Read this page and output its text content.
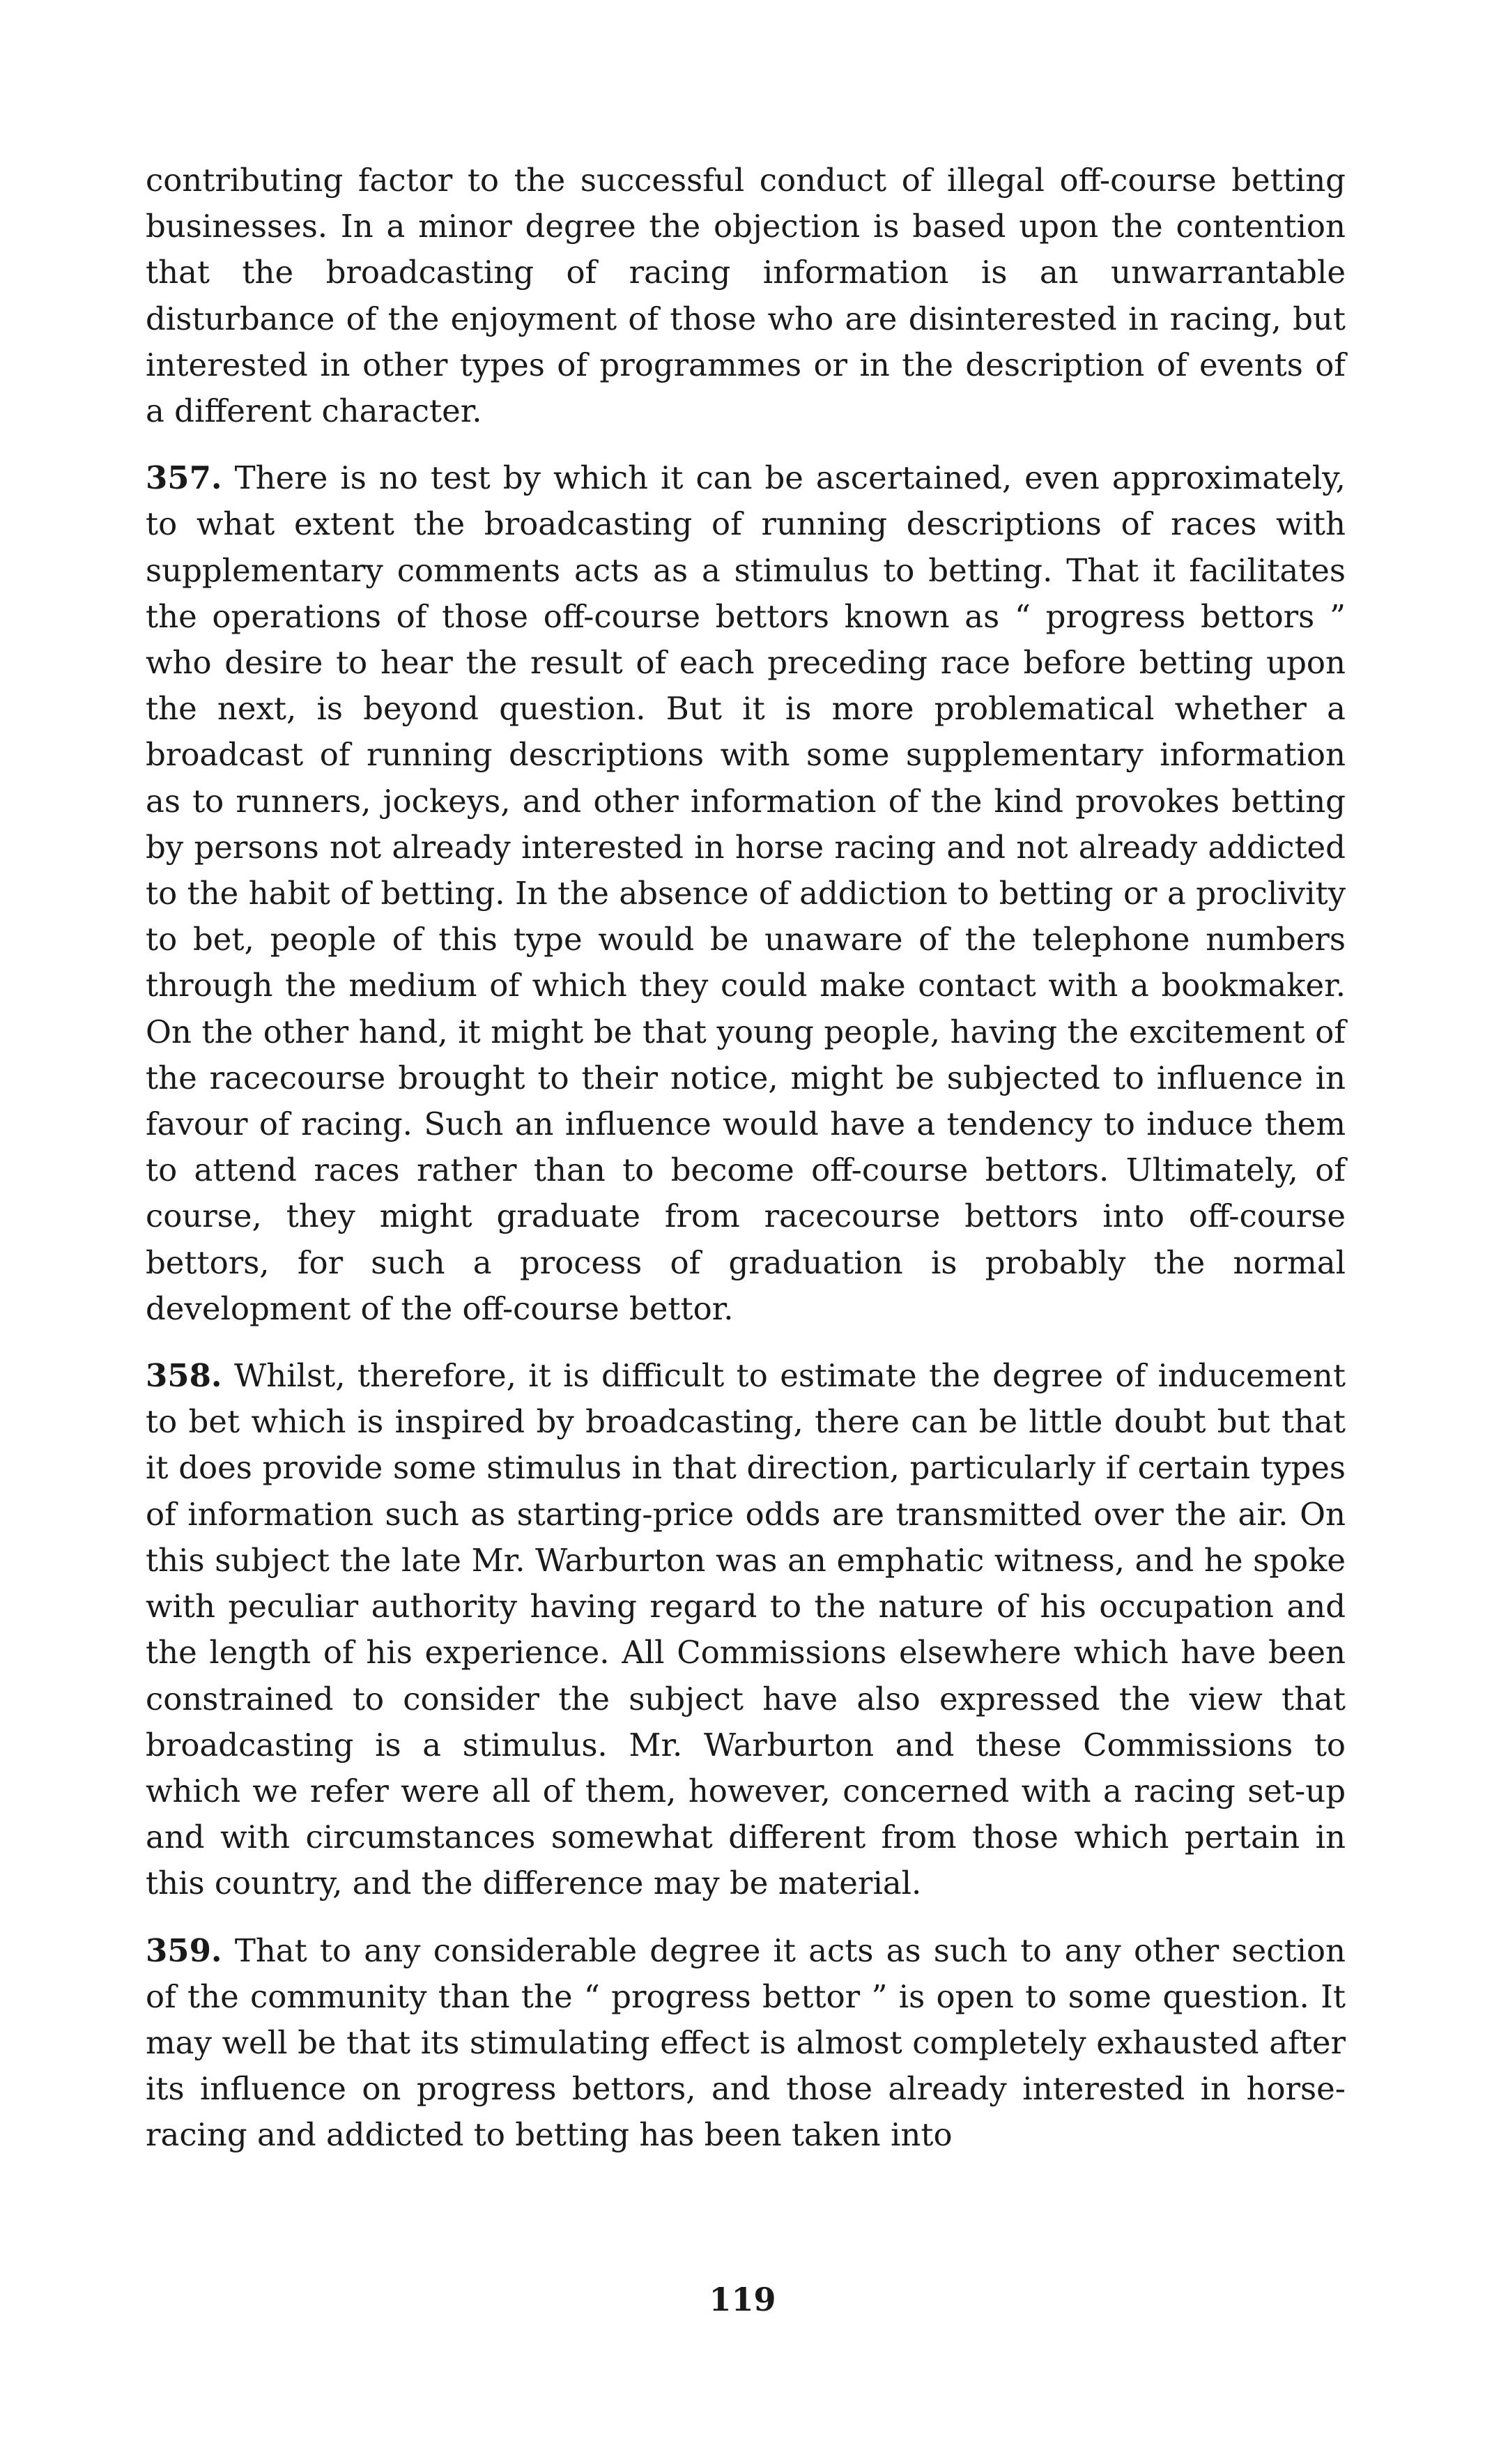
contributing factor to the successful conduct of illegal off-course betting businesses. In a minor degree the objection is based upon the contention that the broadcasting of racing information is an unwarrantable disturbance of the enjoyment of those who are disinterested in racing, but interested in other types of programmes or in the description of events of a different character.

357. There is no test by which it can be ascertained, even approximately, to what extent the broadcasting of running descriptions of races with supplementary comments acts as a stimulus to betting. That it facilitates the operations of those off-course bettors known as “ progress bettors ” who desire to hear the result of each preceding race before betting upon the next, is beyond question. But it is more problematical whether a broadcast of running descriptions with some supplementary information as to runners, jockeys, and other information of the kind provokes betting by persons not already interested in horse racing and not already addicted to the habit of betting. In the absence of addiction to betting or a proclivity to bet, people of this type would be unaware of the telephone numbers through the medium of which they could make contact with a bookmaker. On the other hand, it might be that young people, having the excitement of the racecourse brought to their notice, might be subjected to influence in favour of racing. Such an influence would have a tendency to induce them to attend races rather than to become off-course bettors. Ultimately, of course, they might graduate from racecourse bettors into off-course bettors, for such a process of graduation is probably the normal development of the off-course bettor.

358. Whilst, therefore, it is difficult to estimate the degree of inducement to bet which is inspired by broadcasting, there can be little doubt but that it does provide some stimulus in that direction, particularly if certain types of information such as starting-price odds are transmitted over the air. On this subject the late Mr. Warburton was an emphatic witness, and he spoke with peculiar authority having regard to the nature of his occupation and the length of his experience. All Commissions elsewhere which have been constrained to consider the subject have also expressed the view that broadcasting is a stimulus. Mr. Warburton and these Commissions to which we refer were all of them, however, concerned with a racing set-up and with circumstances somewhat different from those which pertain in this country, and the difference may be material.

359. That to any considerable degree it acts as such to any other section of the community than the “ progress bettor ” is open to some question. It may well be that its stimulating effect is almost completely exhausted after its influence on progress bettors, and those already interested in horse-racing and addicted to betting has been taken into

119
